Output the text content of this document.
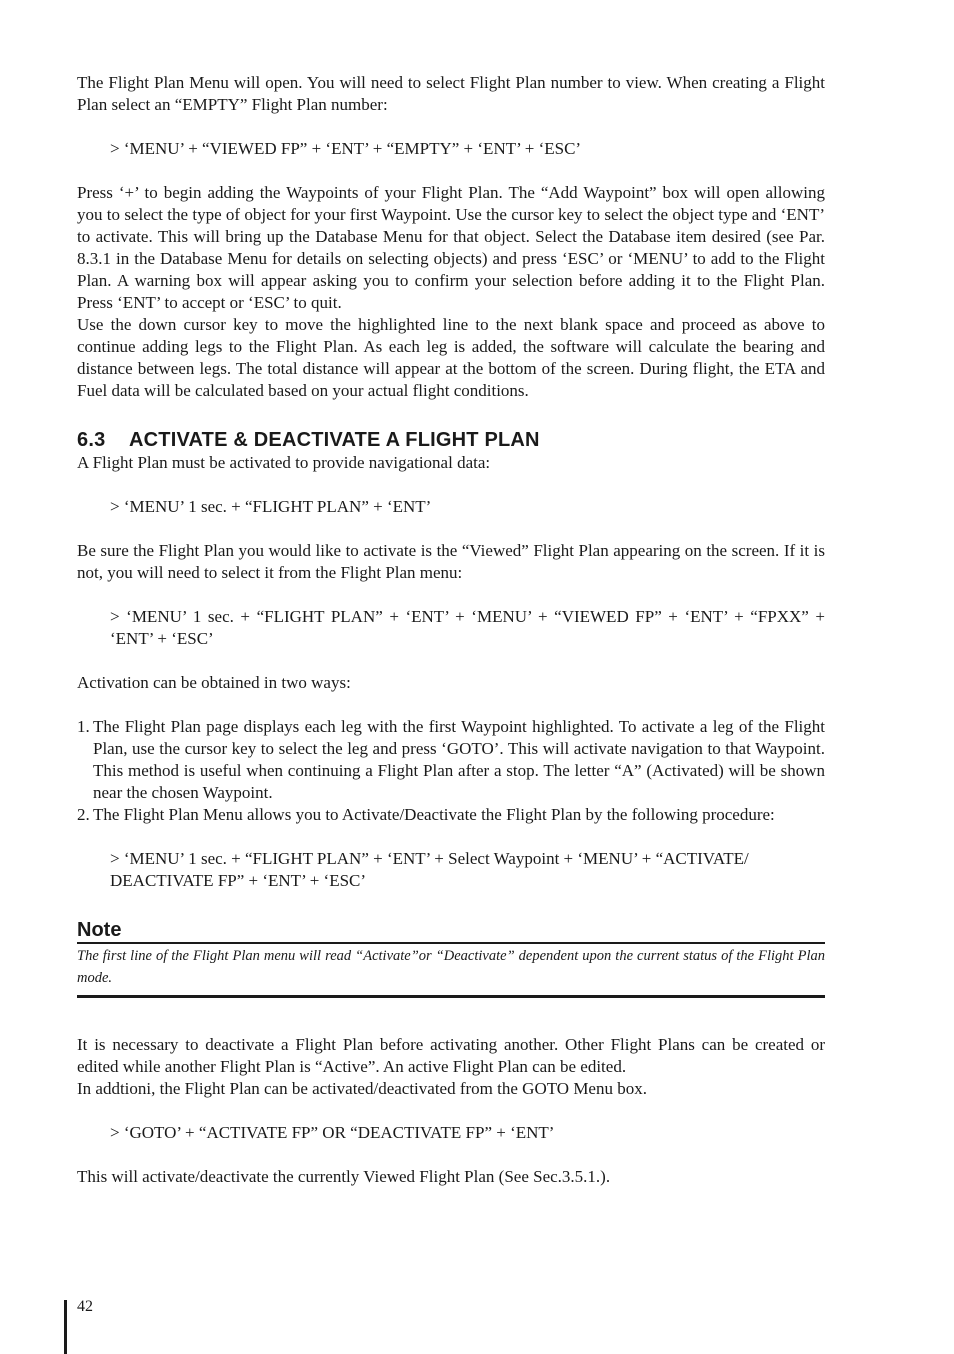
The Flight Plan Menu will open. You will need to select Flight Plan number to view. When creating a Flight Plan select an “EMPTY” Flight Plan number:

> ‘MENU’ + “VIEWED FP” + ‘ENT’ + “EMPTY” + ‘ENT’ + ‘ESC’

Press ‘+’ to begin adding the Waypoints of your Flight Plan. The “Add Waypoint” box will open allowing you to select the type of object for your first Waypoint. Use the cursor key to select the object type and ‘ENT’ to activate. This will bring up the Database Menu for that object. Select the Database item desired (see Par. 8.3.1 in the Database Menu for details on selecting objects) and press ‘ESC’ or ‘MENU’ to add to the Flight Plan. A warning box will appear asking you to confirm your selection before adding it to the Flight Plan. Press ‘ENT’ to accept or ‘ESC’ to quit.

Use the down cursor key to move the highlighted line to the next blank space and proceed as above to continue adding legs to the Flight Plan. As each leg is added, the software will calculate the bearing and distance between legs. The total distance will appear at the bottom of the screen. During flight, the ETA and Fuel data will be calculated based on your actual flight conditions.

6.3 ACTIVATE & DEACTIVATE A FLIGHT PLAN

A Flight Plan must be activated to provide navigational data:

> ‘MENU’ 1 sec. + “FLIGHT PLAN” + ‘ENT’

Be sure the Flight Plan you would like to activate is the “Viewed” Flight Plan appearing on the screen. If it is not, you will need to select it from the Flight Plan menu:

> ‘MENU’ 1 sec. + “FLIGHT PLAN” + ‘ENT’ + ‘MENU’ + “VIEWED FP” + ‘ENT’ + “FPXX” + ‘ENT’ + ‘ESC’

Activation can be obtained in two ways:

1. The Flight Plan page displays each leg with the first Waypoint highlighted. To activate a leg of the Flight Plan, use the cursor key to select the leg and press ‘GOTO’. This will activate navigation to that Waypoint. This method is useful when continuing a Flight Plan after a stop. The letter “A” (Activated) will be shown near the chosen Waypoint.
2. The Flight Plan Menu allows you to Activate/Deactivate the Flight Plan by the following procedure:

> ‘MENU’ 1 sec. + “FLIGHT PLAN” + ‘ENT’ + Select Waypoint + ‘MENU’ + “ACTIVATE/ DEACTIVATE FP” + ‘ENT’ + ‘ESC’

Note
The first line of the Flight Plan menu will read “Activate”or “Deactivate” dependent upon the current status of the Flight Plan mode.

It is necessary to deactivate a Flight Plan before activating another. Other Flight Plans can be created or edited while another Flight Plan is “Active”. An active Flight Plan can be edited.

In addtioni, the Flight Plan can be activated/deactivated from the GOTO Menu box.

> ‘GOTO’ + “ACTIVATE FP” OR “DEACTIVATE FP” + ‘ENT’

This will activate/deactivate the currently Viewed Flight Plan (See Sec.3.5.1.).

42
